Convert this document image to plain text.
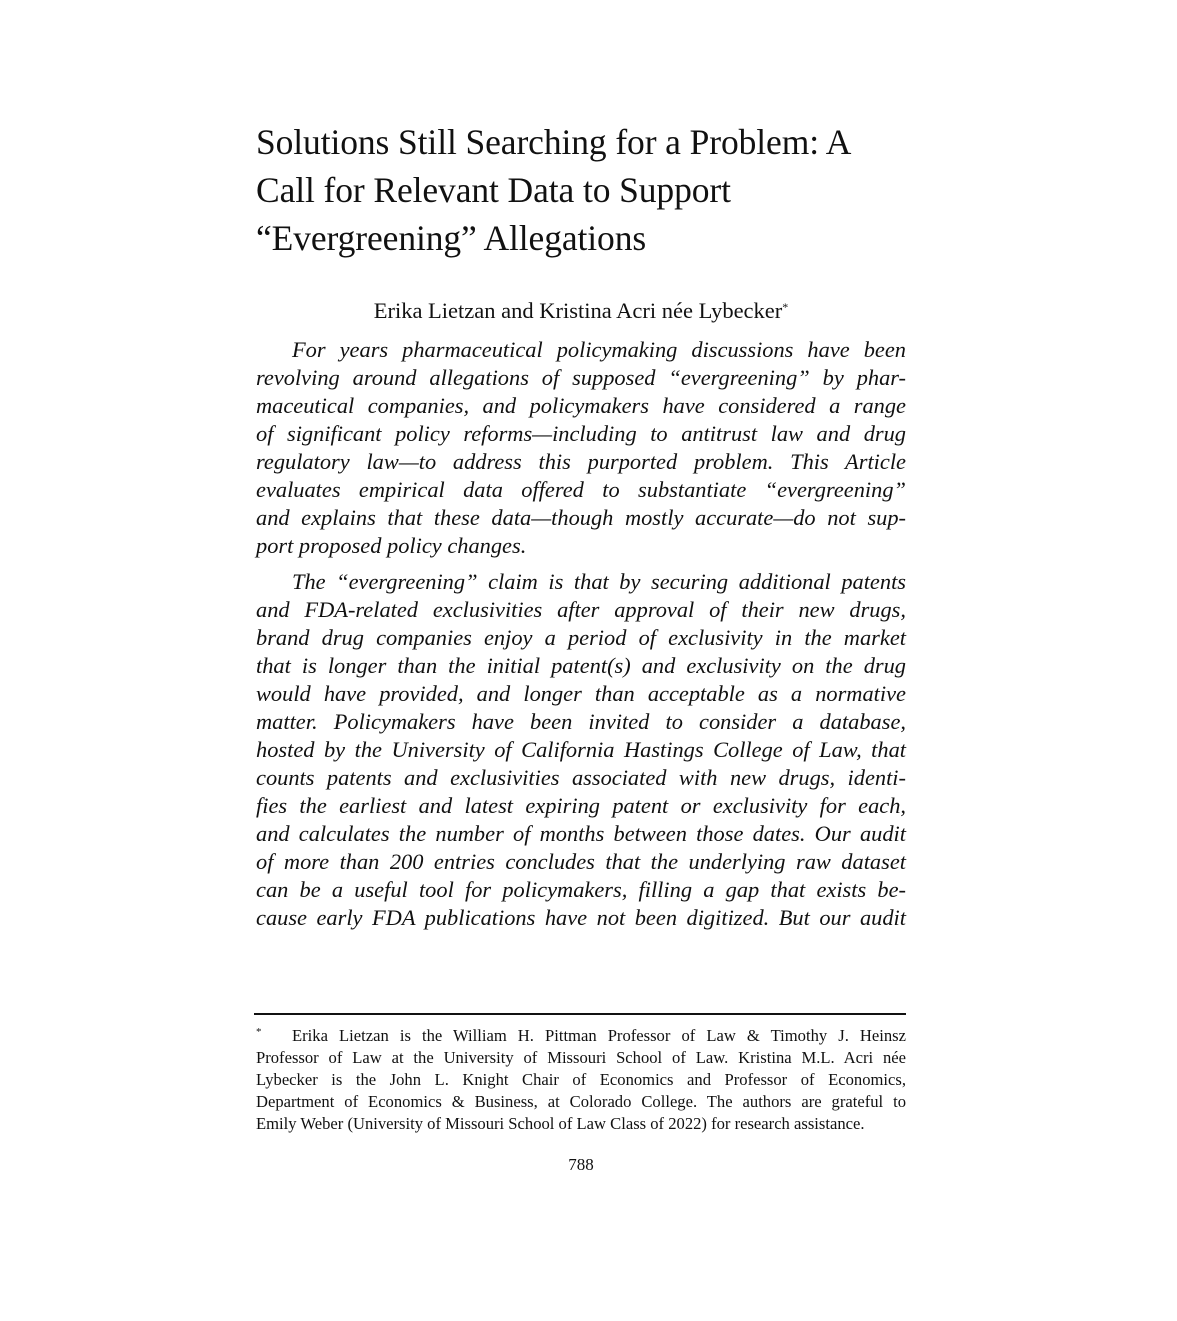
Solutions Still Searching for a Problem: A
Call for Relevant Data to Support
“Evergreening” Allegations
Erika Lietzan and Kristina Acri née Lybecker*

For years pharmaceutical policymaking discussions have been
revolving around allegations of supposed “evergreening” by phar-
maceutical companies, and policymakers have considered a range
of significant policy reforms—including to antitrust law and drug
regulatory law—to address this purported problem. This Article
evaluates empirical data offered to substantiate “evergreening”
and explains that these data—though mostly accurate—do not sup-
port proposed policy changes.

The “evergreening” claim is that by securing additional patents
and FDA-related exclusivities after approval of their new drugs,
brand drug companies enjoy a period of exclusivity in the market
that is longer than the initial patent(s) and exclusivity on the drug
would have provided, and longer than acceptable as a normative
matter. Policymakers have been invited to consider a database,
hosted by the University of California Hastings College of Law, that
counts patents and exclusivities associated with new drugs, identi-
fies the earliest and latest expiring patent or exclusivity for each,
and calculates the number of months between those dates. Our audit
of more than 200 entries concludes that the underlying raw dataset
can be a useful tool for policymakers, filling a gap that exists be-
cause early FDA publications have not been digitized. But our audit

* Erika Lietzan is the William H. Pittman Professor of Law & Timothy J. Heinsz
Professor of Law at the University of Missouri School of Law. Kristina M.L. Acri née
Lybecker is the John L. Knight Chair of Economics and Professor of Economics,
Department of Economics & Business, at Colorado College. The authors are grateful to
Emily Weber (University of Missouri School of Law Class of 2022) for research assistance.
788
